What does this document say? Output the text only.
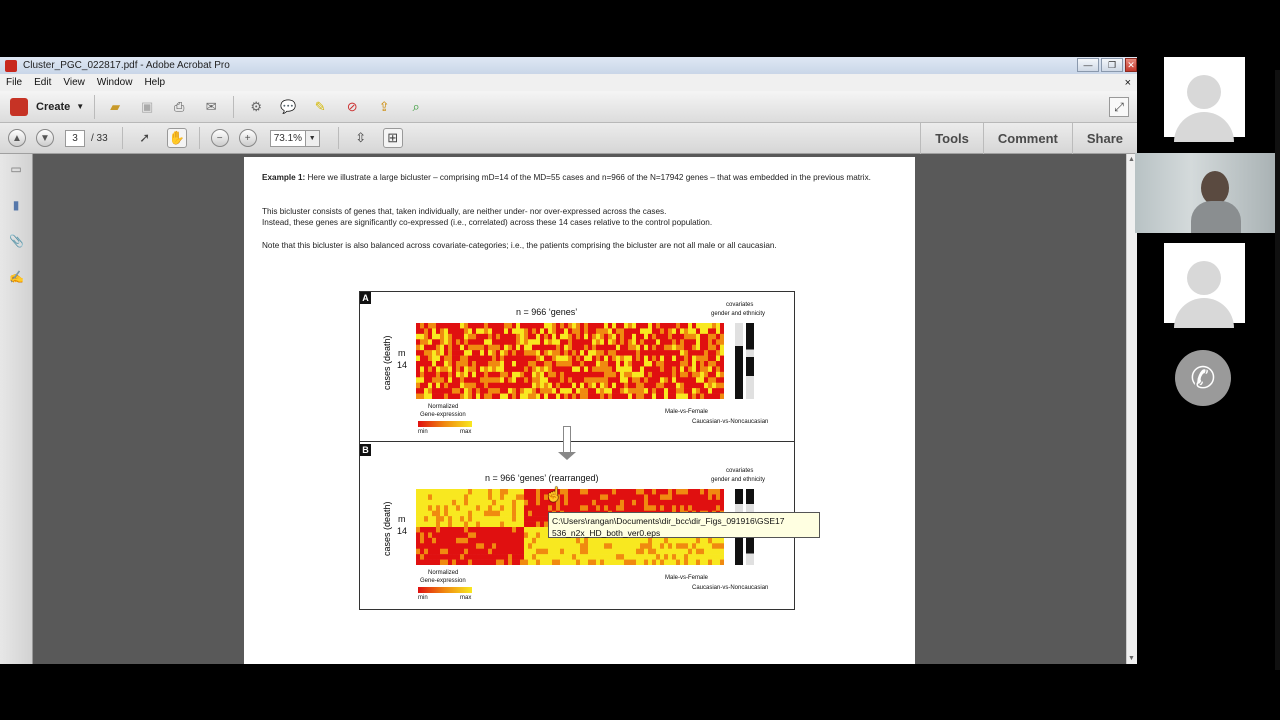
Cluster_PGC_022817.pdf - Adobe Acrobat Pro	—	❐	✕
File	Edit	View	Window	Help	×
Create ▼	▰	▣	⎙	✉	⚙	💬	✎	⊘	⇪	⌕	⤢
▲	▼	3	/ 33	➚	✋	−	+	73.1% ▼	⇳	⊞	Tools	Comment	Share
▭
▮
📎
✍
▲
▼
Example 1: Here we illustrate a large bicluster – comprising mD=14 of the MD=55 cases and n=966 of the N=17942 genes – that was embedded in the previous matrix.
This bicluster consists of genes that, taken individually, are neither under- nor over-expressed across the cases.
Instead, these genes are significantly co-expressed (i.e., correlated) across these 14 cases relative to the control population.
Note that this bicluster is also balanced across covariate-categories; i.e., the patients comprising the bicluster are not all male or all caucasian.
A
n = 966 ‘genes’
cases (death) m
14
covariates
gender and ethnicity
Normalized
Gene-expression
min	max
Male-vs-Female
Caucasian-vs-Noncaucasian
B
n = 966 ‘genes’ (rearranged)
cases (death) m
14
covariates
gender and ethnicity
Normalized
Gene-expression
min	max
Male-vs-Female
Caucasian-vs-Noncaucasian
C:\Users\rangan\Documents\dir_bcc\dir_Figs_091916\GSE17
536_n2x_HD_both_ver0.eps
☝
✆
